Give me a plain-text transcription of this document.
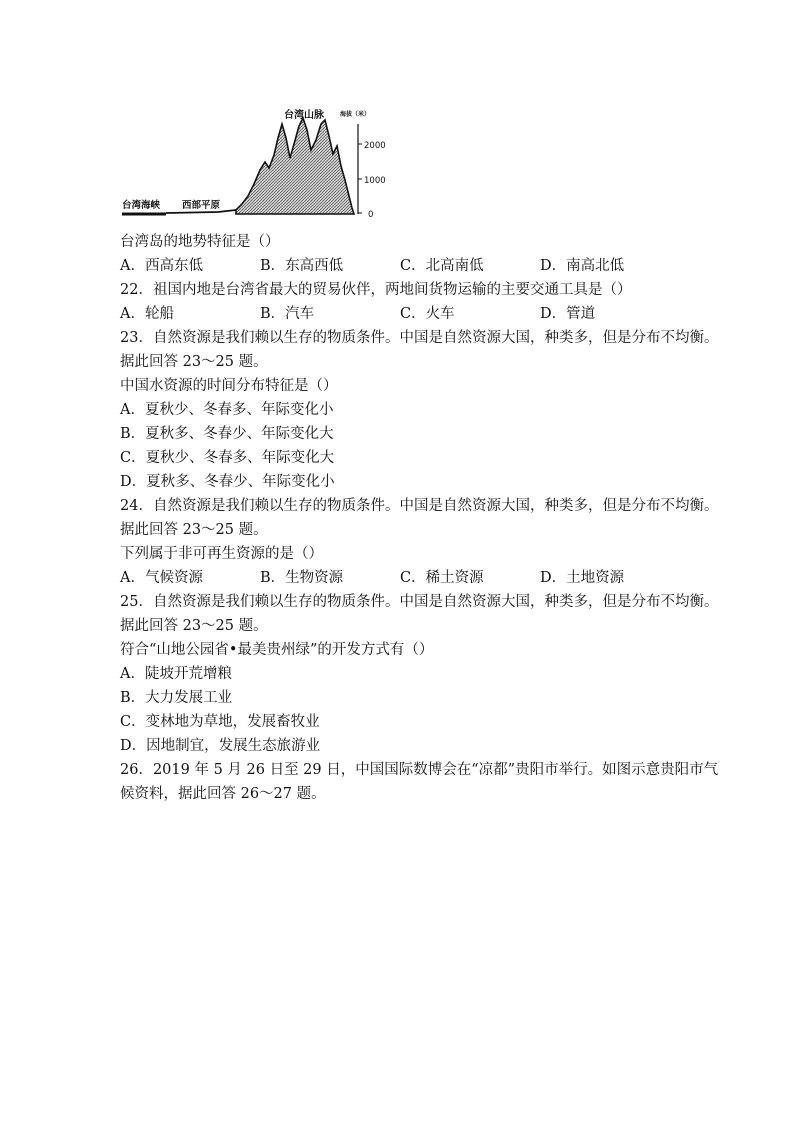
2000
1000
0
台湾山脉	海拔（米）
台湾海峡 西部平原
台湾岛的地势特征是（）
A．西高东低	B．东高西低	C．北高南低	D．南高北低
22．祖国内地是台湾省最大的贸易伙伴，两地间货物运输的主要交通工具是（）
A．轮船	B．汽车	C．火车	D．管道
23．自然资源是我们赖以生存的物质条件。中国是自然资源大国，种类多，但是分布不均衡。
据此回答 23～25 题。
中国水资源的时间分布特征是（）
A．夏秋少、冬春多、年际变化小
B．夏秋多、冬春少、年际变化大
C．夏秋少、冬春多、年际变化大
D．夏秋多、冬春少、年际变化小
24．自然资源是我们赖以生存的物质条件。中国是自然资源大国，种类多，但是分布不均衡。
据此回答 23～25 题。
下列属于非可再生资源的是（）
A．气候资源	B．生物资源	C．稀土资源	D．土地资源
25．自然资源是我们赖以生存的物质条件。中国是自然资源大国，种类多，但是分布不均衡。
据此回答 23～25 题。
符合“山地公园省•最美贵州绿”的开发方式有（）
A．陡坡开荒增粮
B．大力发展工业
C．变林地为草地，发展畜牧业
D．因地制宜，发展生态旅游业
26．2019 年 5 月 26 日至 29 日，中国国际数博会在“凉都”贵阳市举行。如图示意贵阳市气
候资料，据此回答 26～27 题。
